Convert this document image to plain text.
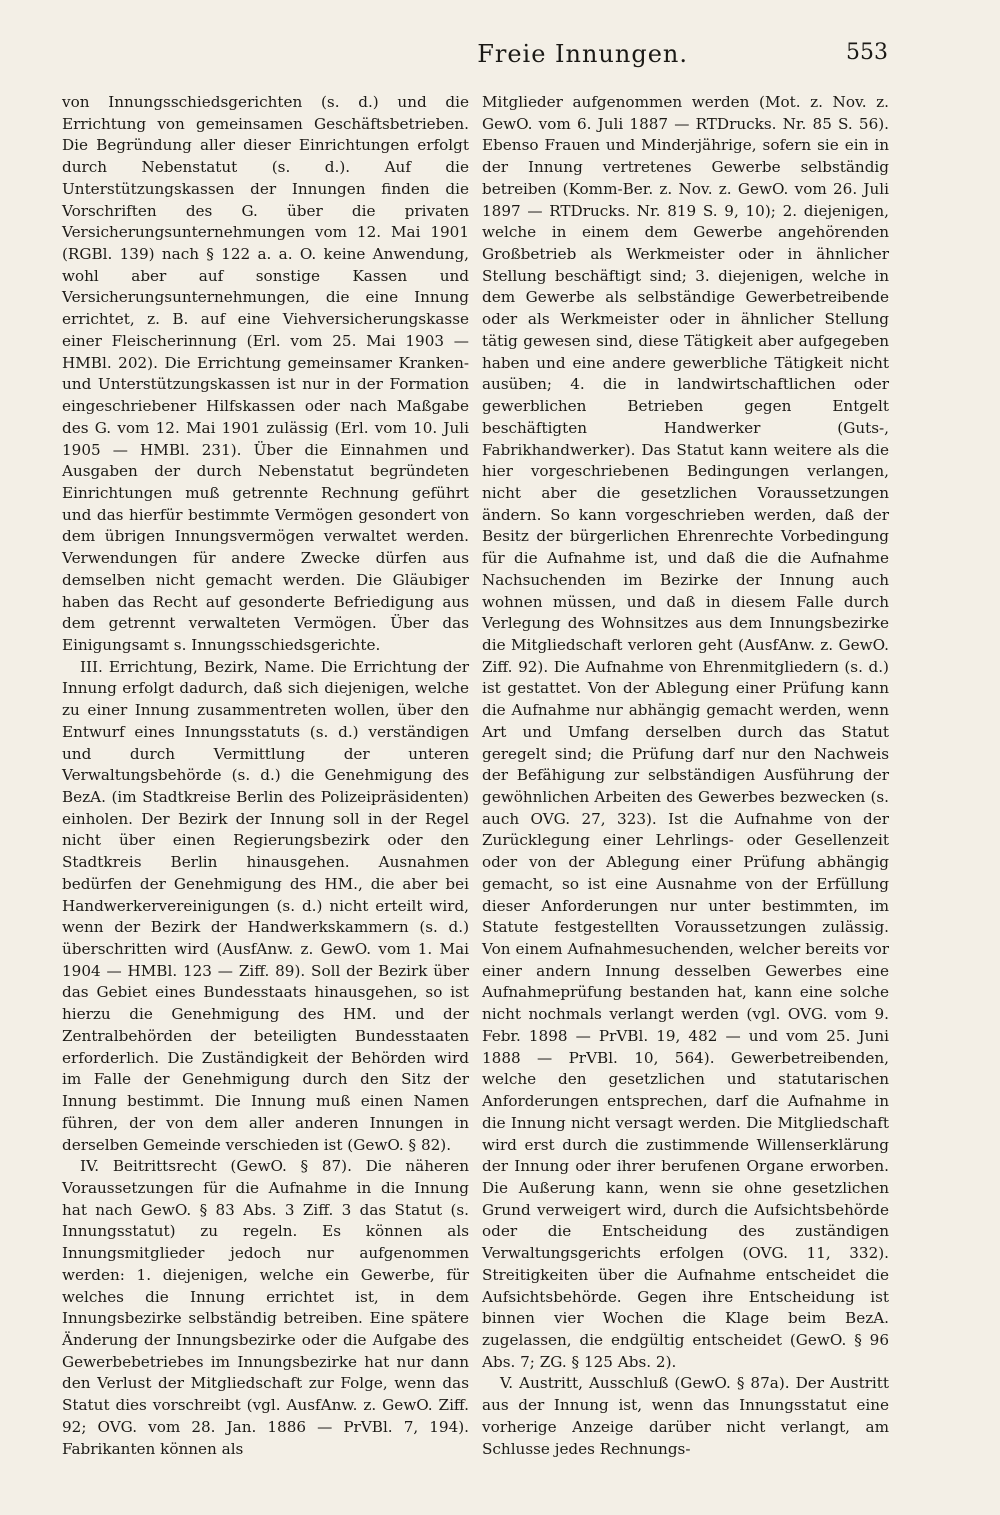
Freie Innungen.	553

von Innungsschiedsgerichten (s. d.) und die Errichtung von gemeinsamen Geschäftsbetrieben. Die Begründung aller dieser Einrichtungen erfolgt durch Nebenstatut (s. d.). Auf die Unterstützungskassen der Innungen finden die Vorschriften des G. über die privaten Versicherungsunternehmungen vom 12. Mai 1901 (RGBl. 139) nach § 122 a. a. O. keine Anwendung, wohl aber auf sonstige Kassen und Versicherungsunternehmungen, die eine Innung errichtet, z. B. auf eine Viehversicherungskasse einer Fleischerinnung (Erl. vom 25. Mai 1903 — HMBl. 202). Die Errichtung gemeinsamer Kranken- und Unterstützungskassen ist nur in der Formation eingeschriebener Hilfskassen oder nach Maßgabe des G. vom 12. Mai 1901 zulässig (Erl. vom 10. Juli 1905 — HMBl. 231). Über die Einnahmen und Ausgaben der durch Nebenstatut begründeten Einrichtungen muß getrennte Rechnung geführt und das hierfür bestimmte Vermögen gesondert von dem übrigen Innungsvermögen verwaltet werden. Verwendungen für andere Zwecke dürfen aus demselben nicht gemacht werden. Die Gläubiger haben das Recht auf gesonderte Befriedigung aus dem getrennt verwalteten Vermögen. Über das Einigungsamt s. Innungsschiedsgerichte.

III. Errichtung, Bezirk, Name. Die Errichtung der Innung erfolgt dadurch, daß sich diejenigen, welche zu einer Innung zusammentreten wollen, über den Entwurf eines Innungsstatuts (s. d.) verständigen und durch Vermittlung der unteren Verwaltungsbehörde (s. d.) die Genehmigung des BezA. (im Stadtkreise Berlin des Polizeipräsidenten) einholen. Der Bezirk der Innung soll in der Regel nicht über einen Regierungsbezirk oder den Stadtkreis Berlin hinausgehen. Ausnahmen bedürfen der Genehmigung des HM., die aber bei Handwerkervereinigungen (s. d.) nicht erteilt wird, wenn der Bezirk der Handwerkskammern (s. d.) überschritten wird (AusfAnw. z. GewO. vom 1. Mai 1904 — HMBl. 123 — Ziff. 89). Soll der Bezirk über das Gebiet eines Bundesstaats hinausgehen, so ist hierzu die Genehmigung des HM. und der Zentralbehörden der beteiligten Bundesstaaten erforderlich. Die Zuständigkeit der Behörden wird im Falle der Genehmigung durch den Sitz der Innung bestimmt. Die Innung muß einen Namen führen, der von dem aller anderen Innungen in derselben Gemeinde verschieden ist (GewO. § 82).

IV. Beitrittsrecht (GewO. § 87). Die näheren Voraussetzungen für die Aufnahme in die Innung hat nach GewO. § 83 Abs. 3 Ziff. 3 das Statut (s. Innungsstatut) zu regeln. Es können als Innungsmitglieder jedoch nur aufgenommen werden: 1. diejenigen, welche ein Gewerbe, für welches die Innung errichtet ist, in dem Innungsbezirke selbständig betreiben. Eine spätere Änderung der Innungsbezirke oder die Aufgabe des Gewerbebetriebes im Innungsbezirke hat nur dann den Verlust der Mitgliedschaft zur Folge, wenn das Statut dies vorschreibt (vgl. AusfAnw. z. GewO. Ziff. 92; OVG. vom 28. Jan. 1886 — PrVBl. 7, 194). Fabrikanten können als

Mitglieder aufgenommen werden (Mot. z. Nov. z. GewO. vom 6. Juli 1887 — RTDrucks. Nr. 85 S. 56). Ebenso Frauen und Minderjährige, sofern sie ein in der Innung vertretenes Gewerbe selbständig betreiben (Komm-Ber. z. Nov. z. GewO. vom 26. Juli 1897 — RTDrucks. Nr. 819 S. 9, 10); 2. diejenigen, welche in einem dem Gewerbe angehörenden Großbetrieb als Werkmeister oder in ähnlicher Stellung beschäftigt sind; 3. diejenigen, welche in dem Gewerbe als selbständige Gewerbetreibende oder als Werkmeister oder in ähnlicher Stellung tätig gewesen sind, diese Tätigkeit aber aufgegeben haben und eine andere gewerbliche Tätigkeit nicht ausüben; 4. die in landwirtschaftlichen oder gewerblichen Betrieben gegen Entgelt beschäftigten Handwerker (Guts-, Fabrikhandwerker). Das Statut kann weitere als die hier vorgeschriebenen Bedingungen verlangen, nicht aber die gesetzlichen Voraussetzungen ändern. So kann vorgeschrieben werden, daß der Besitz der bürgerlichen Ehrenrechte Vorbedingung für die Aufnahme ist, und daß die die Aufnahme Nachsuchenden im Bezirke der Innung auch wohnen müssen, und daß in diesem Falle durch Verlegung des Wohnsitzes aus dem Innungsbezirke die Mitgliedschaft verloren geht (AusfAnw. z. GewO. Ziff. 92). Die Aufnahme von Ehrenmitgliedern (s. d.) ist gestattet. Von der Ablegung einer Prüfung kann die Aufnahme nur abhängig gemacht werden, wenn Art und Umfang derselben durch das Statut geregelt sind; die Prüfung darf nur den Nachweis der Befähigung zur selbständigen Ausführung der gewöhnlichen Arbeiten des Gewerbes bezwecken (s. auch OVG. 27, 323). Ist die Aufnahme von der Zurücklegung einer Lehrlings- oder Gesellenzeit oder von der Ablegung einer Prüfung abhängig gemacht, so ist eine Ausnahme von der Erfüllung dieser Anforderungen nur unter bestimmten, im Statute festgestellten Voraussetzungen zulässig. Von einem Aufnahmesuchenden, welcher bereits vor einer andern Innung desselben Gewerbes eine Aufnahmeprüfung bestanden hat, kann eine solche nicht nochmals verlangt werden (vgl. OVG. vom 9. Febr. 1898 — PrVBl. 19, 482 — und vom 25. Juni 1888 — PrVBl. 10, 564). Gewerbetreibenden, welche den gesetzlichen und statutarischen Anforderungen entsprechen, darf die Aufnahme in die Innung nicht versagt werden. Die Mitgliedschaft wird erst durch die zustimmende Willenserklärung der Innung oder ihrer berufenen Organe erworben. Die Außerung kann, wenn sie ohne gesetzlichen Grund verweigert wird, durch die Aufsichtsbehörde oder die Entscheidung des zuständigen Verwaltungsgerichts erfolgen (OVG. 11, 332). Streitigkeiten über die Aufnahme entscheidet die Aufsichtsbehörde. Gegen ihre Entscheidung ist binnen vier Wochen die Klage beim BezA. zugelassen, die endgültig entscheidet (GewO. § 96 Abs. 7; ZG. § 125 Abs. 2).

V. Austritt, Ausschluß (GewO. § 87a). Der Austritt aus der Innung ist, wenn das Innungsstatut eine vorherige Anzeige darüber nicht verlangt, am Schlusse jedes Rechnungs-
